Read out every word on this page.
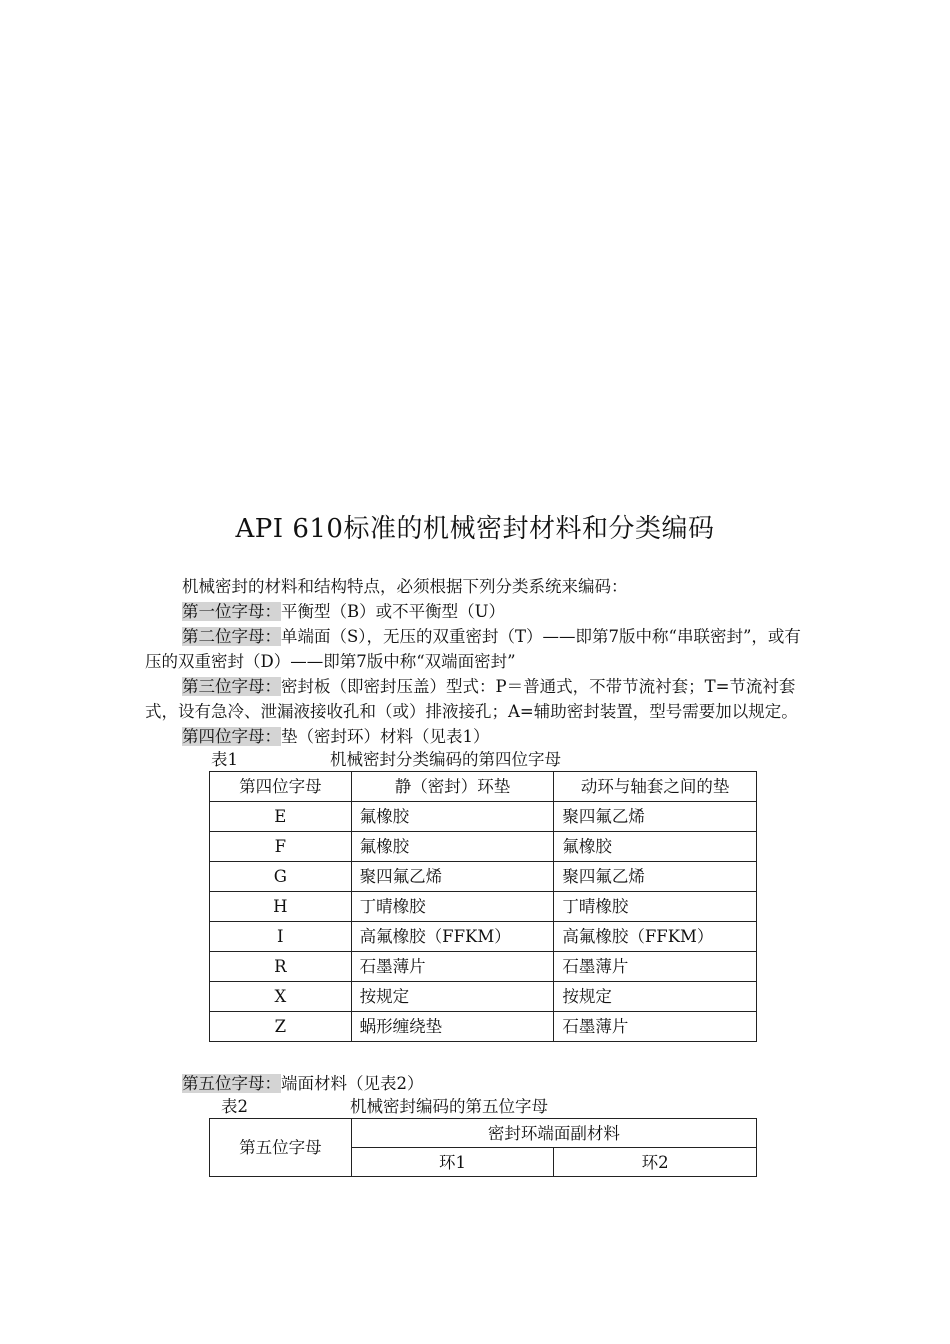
API 610标准的机械密封材料和分类编码

机械密封的材料和结构特点，必须根据下列分类系统来编码：

第一位字母：平衡型（B）或不平衡型（U）

第二位字母：单端面（S），无压的双重密封（T）——即第7版中称“串联密封”，或有压的双重密封（D）——即第7版中称“双端面密封”

第三位字母：密封板（即密封压盖）型式：P＝普通式，不带节流衬套；T=节流衬套式，设有急冷、泄漏液接收孔和（或）排液接孔；A=辅助密封装置，型号需要加以规定。

第四位字母：垫（密封环）材料（见表1）

表1	机械密封分类编码的第四位字母
第四位字母	静（密封）环垫	动环与轴套之间的垫
E	氟橡胶	聚四氟乙烯
F	氟橡胶	氟橡胶
G	聚四氟乙烯	聚四氟乙烯
H	丁晴橡胶	丁晴橡胶
I	高氟橡胶（FFKM）	高氟橡胶（FFKM）
R	石墨薄片	石墨薄片
X	按规定	按规定
Z	蜗形缠绕垫	石墨薄片

第五位字母：端面材料（见表2）

表2	机械密封编码的第五位字母
第五位字母	密封环端面副材料	
	环1	环2
